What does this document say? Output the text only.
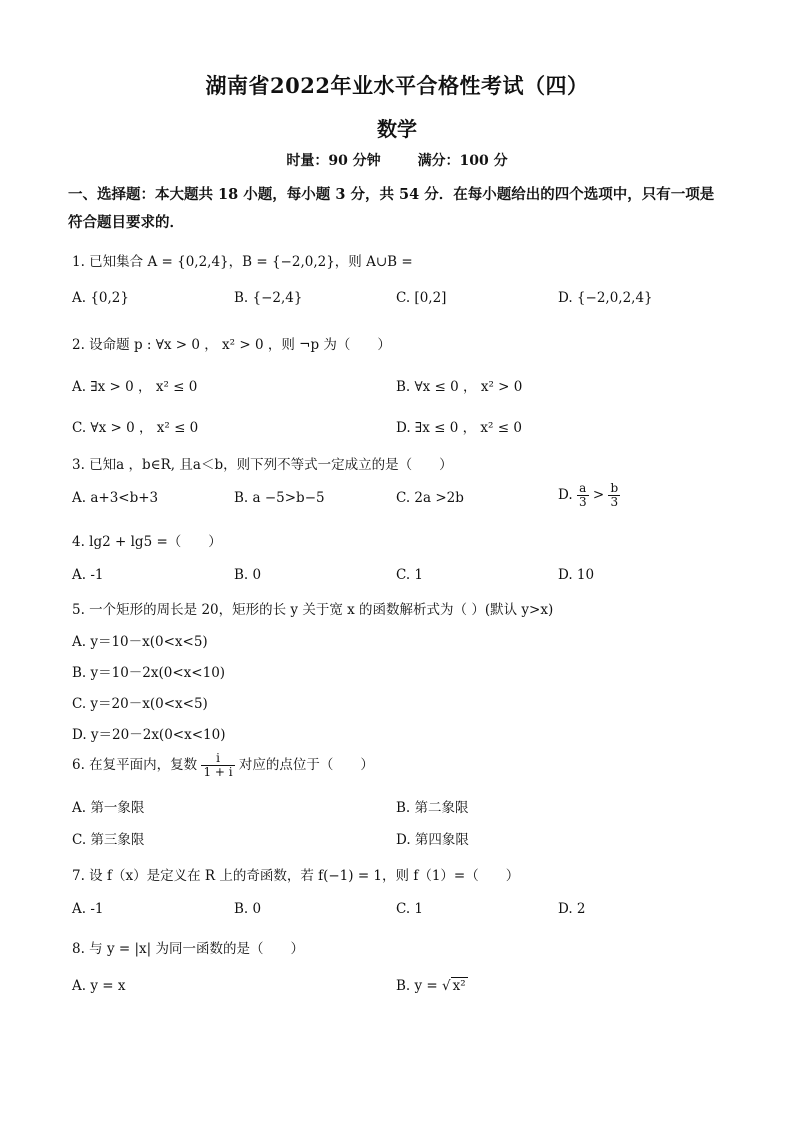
湖南省2022年业水平合格性考试（四）
数学
时量：90 分钟	满分：100 分
一、选择题：本大题共 18 小题，每小题 3 分，共 54 分．在每小题给出的四个选项中，只有一项是符合题目要求的．
1. 已知集合 A = {0,2,4}，B = {−2,0,2}，则 A∪B =
A. {0,2}	B. {−2,4}	C. [0,2]	D. {−2,0,2,4}
2. 设命题 p : ∀x > 0 ， x² > 0 ，则 ¬p 为（　　）
A. ∃x > 0 ， x² ≤ 0	B. ∀x ≤ 0 ， x² > 0
C. ∀x > 0 ， x² ≤ 0	D. ∃x ≤ 0 ， x² ≤ 0
3. 已知a ，b∈R, 且a＜b，则下列不等式一定成立的是（　　）
A. a+3<b+3	B. a −5>b−5	C. 2a >2b	D. $\frac{a}{3} > \frac{b}{3}$
4. lg2 + lg5 =（　　）
A. -1	B. 0	C. 1	D. 10
5. 一个矩形的周长是 20，矩形的长 y 关于宽 x 的函数解析式为（ ）(默认 y>x)
A. y＝10－x(0<x<5)
B. y＝10－2x(0<x<10)
C. y＝20－x(0<x<5)
D. y＝20－2x(0<x<10)
6. 在复平面内，复数 $\frac{i}{1 + i}$ 对应的点位于（　　）
A. 第一象限	B. 第二象限
C. 第三象限	D. 第四象限
7. 设 f（x）是定义在 R 上的奇函数，若 f(−1) = 1，则 f（1）=（　　）
A. -1	B. 0	C. 1	D. 2
8. 与 y = |x| 为同一函数的是（　　）
A. y = x	B. y = √ x²
